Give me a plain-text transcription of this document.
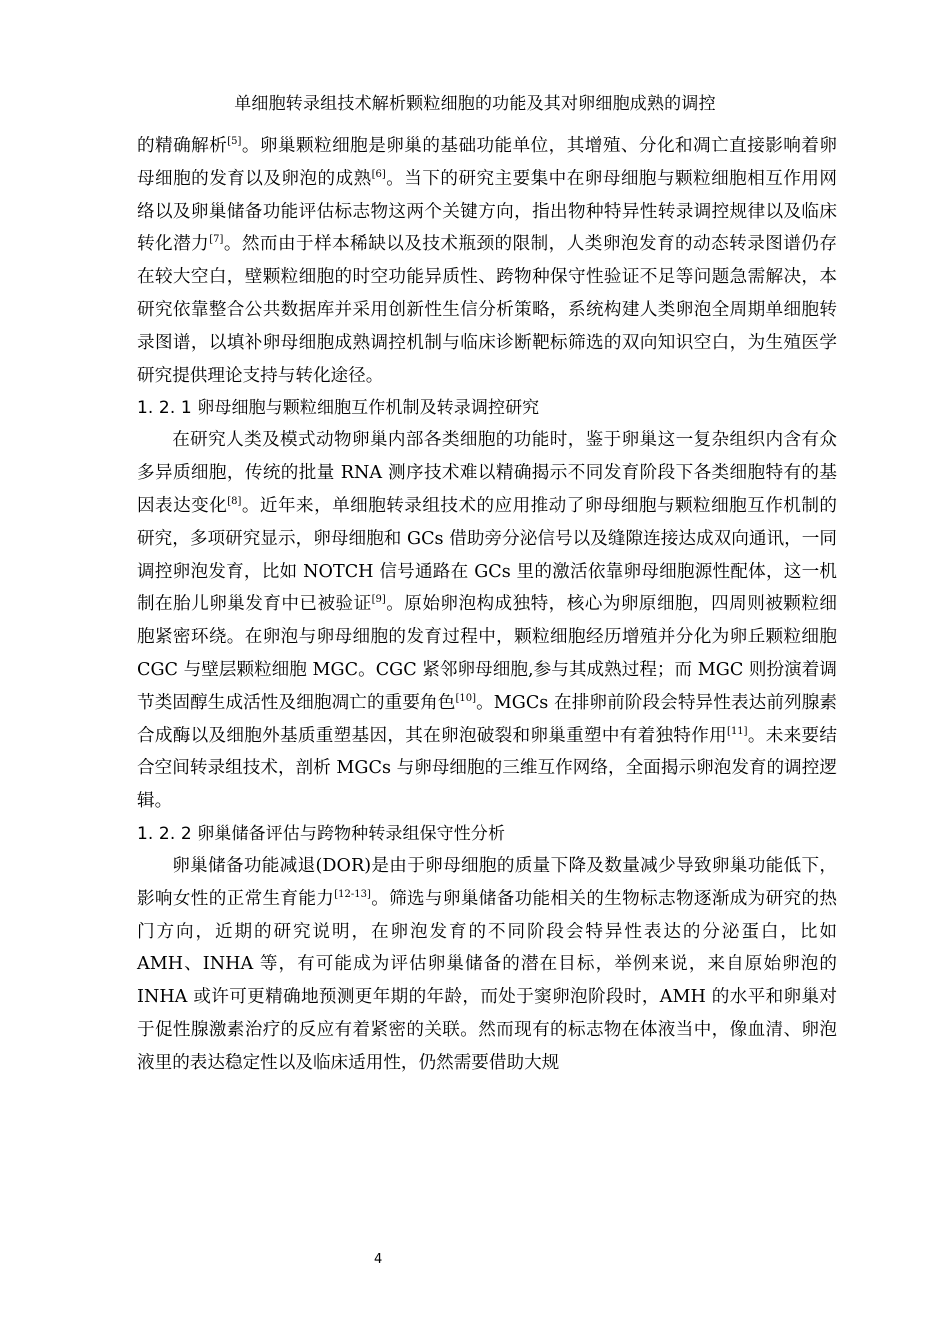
单细胞转录组技术解析颗粒细胞的功能及其对卵细胞成熟的调控

的精确解析[5]。卵巢颗粒细胞是卵巢的基础功能单位，其增殖、分化和凋亡直接影响着卵母细胞的发育以及卵泡的成熟[6]。当下的研究主要集中在卵母细胞与颗粒细胞相互作用网络以及卵巢储备功能评估标志物这两个关键方向，指出物种特异性转录调控规律以及临床转化潜力[7]。然而由于样本稀缺以及技术瓶颈的限制，人类卵泡发育的动态转录图谱仍存在较大空白，壁颗粒细胞的时空功能异质性、跨物种保守性验证不足等问题急需解决，本研究依靠整合公共数据库并采用创新性生信分析策略，系统构建人类卵泡全周期单细胞转录图谱，以填补卵母细胞成熟调控机制与临床诊断靶标筛选的双向知识空白，为生殖医学研究提供理论支持与转化途径。

1. 2. 1 卵母细胞与颗粒细胞互作机制及转录调控研究

在研究人类及模式动物卵巢内部各类细胞的功能时，鉴于卵巢这一复杂组织内含有众多异质细胞，传统的批量 RNA 测序技术难以精确揭示不同发育阶段下各类细胞特有的基因表达变化[8]。近年来，单细胞转录组技术的应用推动了卵母细胞与颗粒细胞互作机制的研究，多项研究显示，卵母细胞和 GCs 借助旁分泌信号以及缝隙连接达成双向通讯，一同调控卵泡发育，比如 NOTCH 信号通路在 GCs 里的激活依靠卵母细胞源性配体，这一机制在胎儿卵巢发育中已被验证[9]。原始卵泡构成独特，核心为卵原细胞，四周则被颗粒细胞紧密环绕。在卵泡与卵母细胞的发育过程中，颗粒细胞经历增殖并分化为卵丘颗粒细胞 CGC 与壁层颗粒细胞 MGC。CGC 紧邻卵母细胞,参与其成熟过程；而 MGC 则扮演着调节类固醇生成活性及细胞凋亡的重要角色[10]。MGCs 在排卵前阶段会特异性表达前列腺素合成酶以及细胞外基质重塑基因，其在卵泡破裂和卵巢重塑中有着独特作用[11]。未来要结合空间转录组技术，剖析 MGCs 与卵母细胞的三维互作网络，全面揭示卵泡发育的调控逻辑。

1. 2. 2 卵巢储备评估与跨物种转录组保守性分析

卵巢储备功能减退(DOR)是由于卵母细胞的质量下降及数量减少导致卵巢功能低下，影响女性的正常生育能力[12-13]。筛选与卵巢储备功能相关的生物标志物逐渐成为研究的热门方向，近期的研究说明，在卵泡发育的不同阶段会特异性表达的分泌蛋白，比如 AMH、INHA 等，有可能成为评估卵巢储备的潜在目标，举例来说，来自原始卵泡的 INHA 或许可更精确地预测更年期的年龄，而处于窦卵泡阶段时，AMH 的水平和卵巢对于促性腺激素治疗的反应有着紧密的关联。然而现有的标志物在体液当中，像血清、卵泡液里的表达稳定性以及临床适用性，仍然需要借助大规

4
